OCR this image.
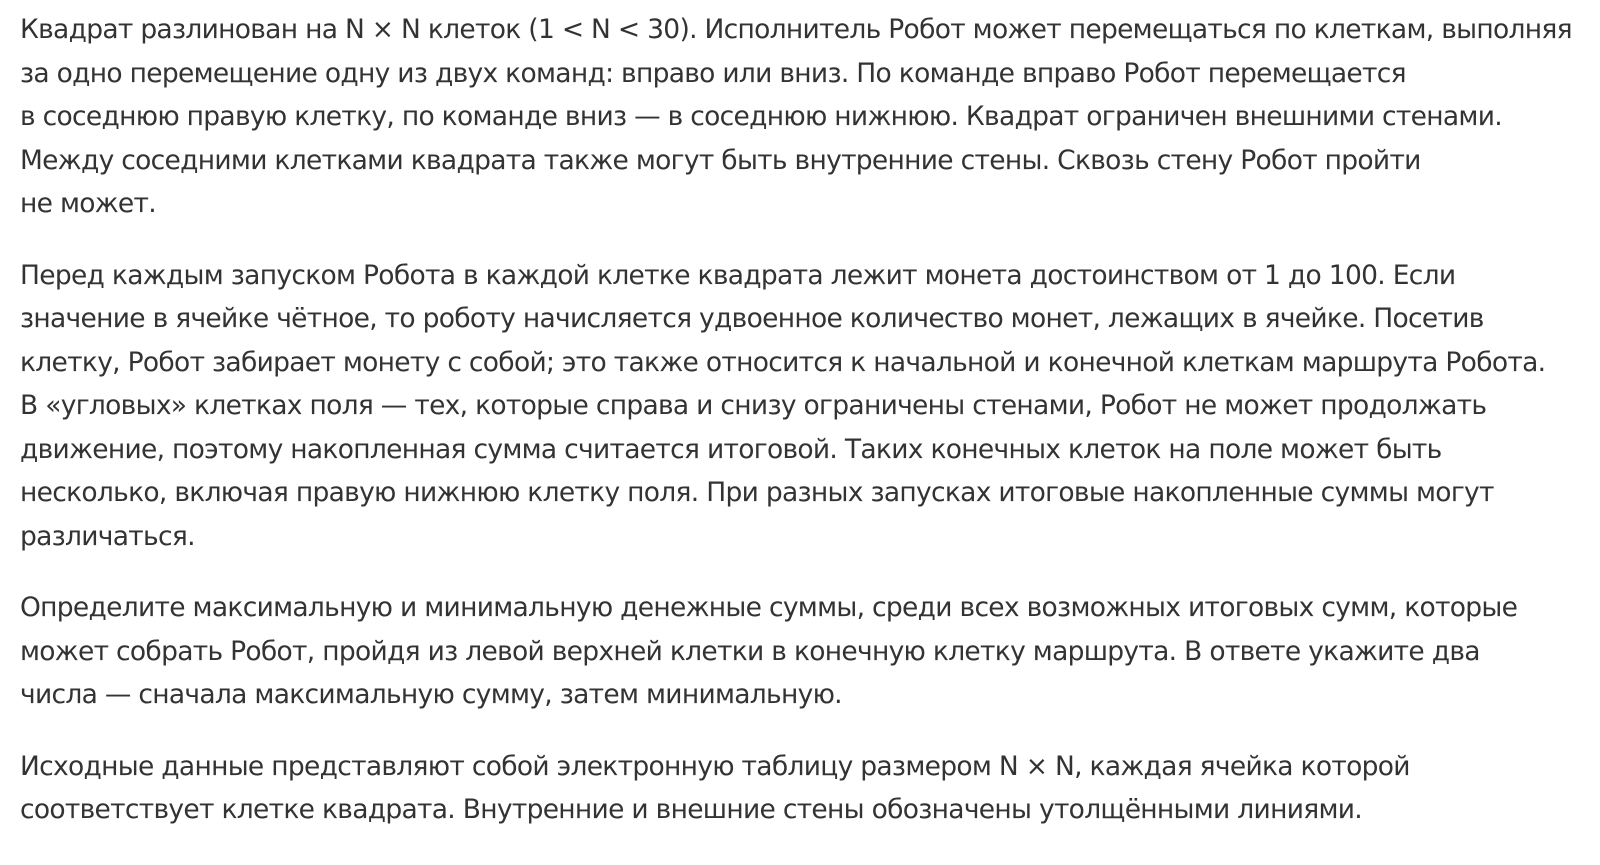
Квадрат разлинован на N × N клеток (1 < N < 30). Исполнитель Робот может перемещаться по клеткам, выполняя
за одно перемещение одну из двух команд: вправо или вниз. По команде вправо Робот перемещается
в соседнюю правую клетку, по команде вниз — в соседнюю нижнюю. Квадрат ограничен внешними стенами.
Между соседними клетками квадрата также могут быть внутренние стены. Сквозь стену Робот пройти
не может.

Перед каждым запуском Робота в каждой клетке квадрата лежит монета достоинством от 1 до 100. Если
значение в ячейке чётное, то роботу начисляется удвоенное количество монет, лежащих в ячейке. Посетив
клетку, Робот забирает монету с собой; это также относится к начальной и конечной клеткам маршрута Робота.
В «угловых» клетках поля — тех, которые справа и снизу ограничены стенами, Робот не может продолжать
движение, поэтому накопленная сумма считается итоговой. Таких конечных клеток на поле может быть
несколько, включая правую нижнюю клетку поля. При разных запусках итоговые накопленные суммы могут
различаться.

Определите максимальную и минимальную денежные суммы, среди всех возможных итоговых сумм, которые
может собрать Робот, пройдя из левой верхней клетки в конечную клетку маршрута. В ответе укажите два
числа — сначала максимальную сумму, затем минимальную.

Исходные данные представляют собой электронную таблицу размером N × N, каждая ячейка которой
соответствует клетке квадрата. Внутренние и внешние стены обозначены утолщёнными линиями.
